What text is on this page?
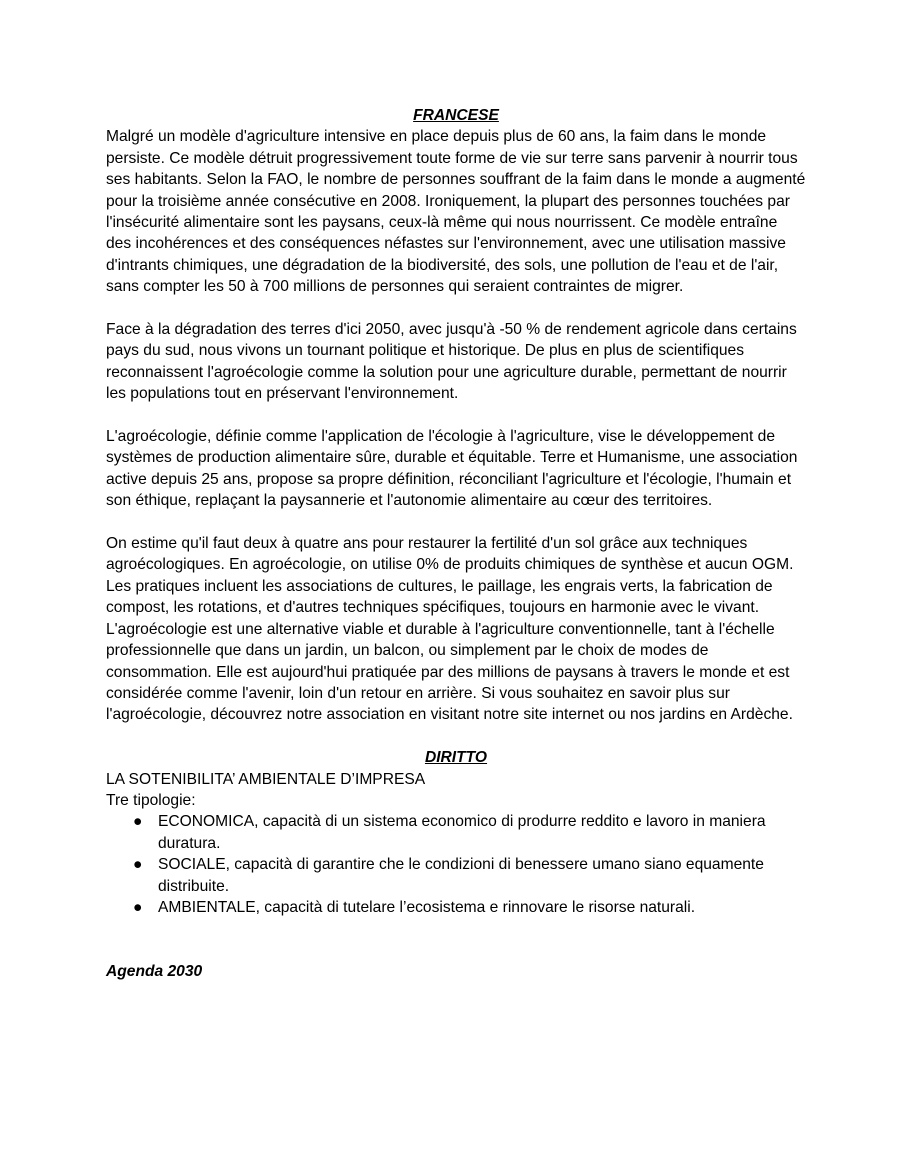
FRANCESE

Malgré un modèle d'agriculture intensive en place depuis plus de 60 ans, la faim dans le monde persiste. Ce modèle détruit progressivement toute forme de vie sur terre sans parvenir à nourrir tous ses habitants. Selon la FAO, le nombre de personnes souffrant de la faim dans le monde a augmenté pour la troisième année consécutive en 2008. Ironiquement, la plupart des personnes touchées par l'insécurité alimentaire sont les paysans, ceux-là même qui nous nourrissent. Ce modèle entraîne des incohérences et des conséquences néfastes sur l'environnement, avec une utilisation massive d'intrants chimiques, une dégradation de la biodiversité, des sols, une pollution de l'eau et de l'air, sans compter les 50 à 700 millions de personnes qui seraient contraintes de migrer.

Face à la dégradation des terres d'ici 2050, avec jusqu'à -50 % de rendement agricole dans certains pays du sud, nous vivons un tournant politique et historique. De plus en plus de scientifiques reconnaissent l'agroécologie comme la solution pour une agriculture durable, permettant de nourrir les populations tout en préservant l'environnement.

L'agroécologie, définie comme l'application de l'écologie à l'agriculture, vise le développement de systèmes de production alimentaire sûre, durable et équitable. Terre et Humanisme, une association active depuis 25 ans, propose sa propre définition, réconciliant l'agriculture et l'écologie, l'humain et son éthique, replaçant la paysannerie et l'autonomie alimentaire au cœur des territoires.

On estime qu'il faut deux à quatre ans pour restaurer la fertilité d'un sol grâce aux techniques agroécologiques. En agroécologie, on utilise 0% de produits chimiques de synthèse et aucun OGM. Les pratiques incluent les associations de cultures, le paillage, les engrais verts, la fabrication de compost, les rotations, et d'autres techniques spécifiques, toujours en harmonie avec le vivant. L'agroécologie est une alternative viable et durable à l'agriculture conventionnelle, tant à l'échelle professionnelle que dans un jardin, un balcon, ou simplement par le choix de modes de consommation. Elle est aujourd'hui pratiquée par des millions de paysans à travers le monde et est considérée comme l'avenir, loin d'un retour en arrière. Si vous souhaitez en savoir plus sur l'agroécologie, découvrez notre association en visitant notre site internet ou nos jardins en Ardèche.

DIRITTO

LA SOTENIBILITA’ AMBIENTALE D’IMPRESA

Tre tipologie:

● ECONOMICA, capacità di un sistema economico di produrre reddito e lavoro in maniera duratura.
● SOCIALE, capacità di garantire che le condizioni di benessere umano siano equamente distribuite.
● AMBIENTALE, capacità di tutelare l’ecosistema e rinnovare le risorse naturali.

Agenda 2030
